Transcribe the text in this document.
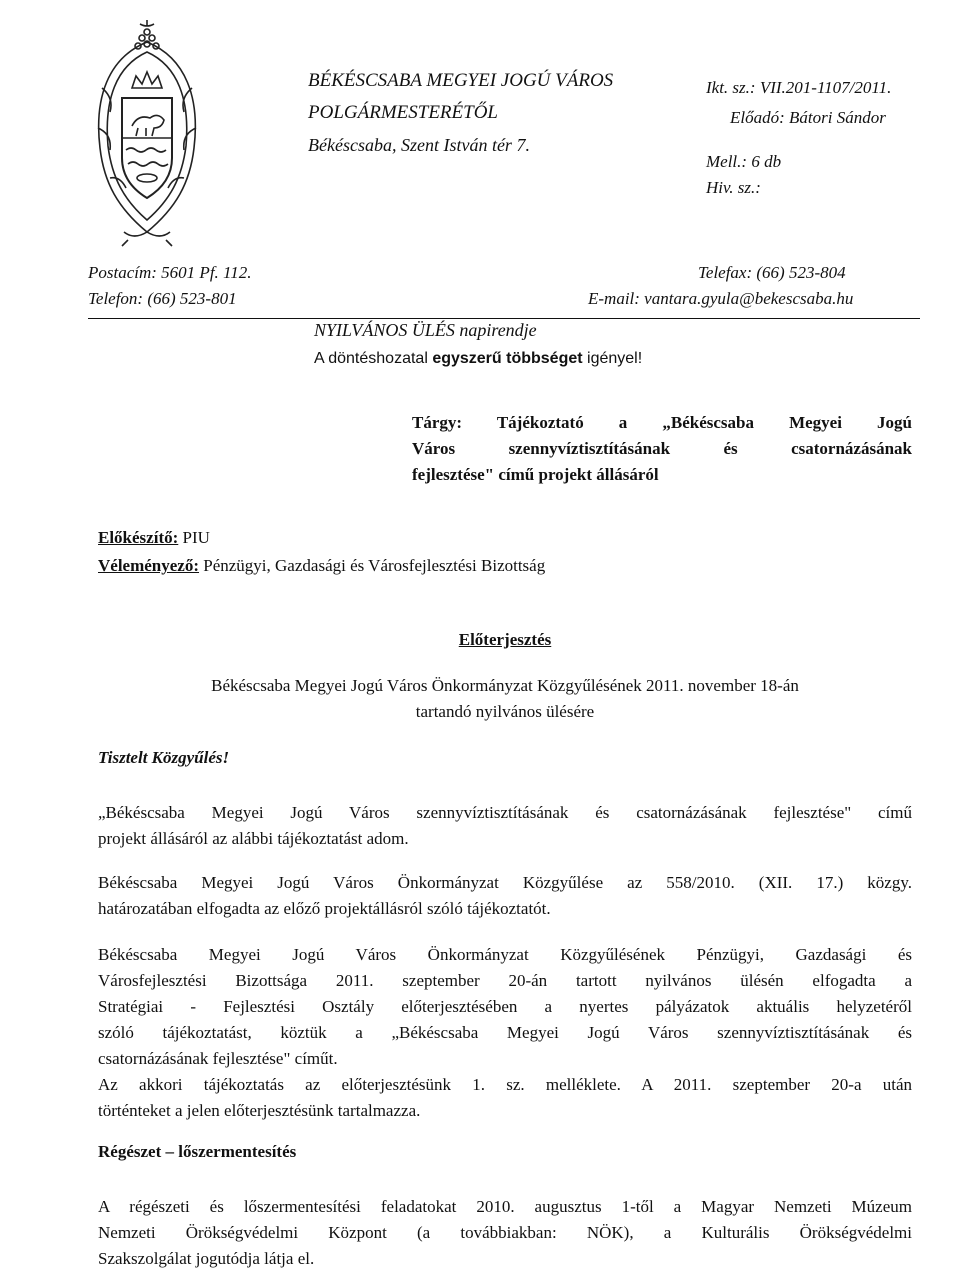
BÉKÉSCSABA MEGYEI JOGÚ VÁROS
POLGÁRMESTERÉTŐL
Békéscsaba, Szent István tér 7.
Ikt. sz.: VII.201-1107/2011.
Előadó: Bátori Sándor
Mell.: 6 db
Hiv. sz.:
Postacím: 5601 Pf. 112.
Telefon: (66) 523-801
Telefax: (66) 523-804
E-mail: vantara.gyula@bekescsaba.hu
NYILVÁNOS ÜLÉS napirendje
A döntéshozatal egyszerű többséget igényel!
Tárgy: Tájékoztató a „Békéscsaba Megyei Jogú
Város szennyvíztisztításának és csatornázásának
fejlesztése" című projekt állásáról
Előkészítő: PIU
Véleményező: Pénzügyi, Gazdasági és Városfejlesztési Bizottság
Előterjesztés
Békéscsaba Megyei Jogú Város Önkormányzat Közgyűlésének 2011. november 18-án
tartandó nyilvános ülésére
Tisztelt Közgyűlés!
„Békéscsaba Megyei Jogú Város szennyvíztisztításának és csatornázásának fejlesztése" című
projekt állásáról az alábbi tájékoztatást adom.
Békéscsaba Megyei Jogú Város Önkormányzat Közgyűlése az 558/2010. (XII. 17.) közgy.
határozatában elfogadta az előző projektállásról szóló tájékoztatót.
Békéscsaba Megyei Jogú Város Önkormányzat Közgyűlésének Pénzügyi, Gazdasági és
Városfejlesztési Bizottsága 2011. szeptember 20-án tartott nyilvános ülésén elfogadta a
Stratégiai - Fejlesztési Osztály előterjesztésében a nyertes pályázatok aktuális helyzetéről
szóló tájékoztatást, köztük a „Békéscsaba Megyei Jogú Város szennyvíztisztításának és
csatornázásának fejlesztése" címűt.
Az akkori tájékoztatás az előterjesztésünk 1. sz. melléklete. A 2011. szeptember 20-a után
történteket a jelen előterjesztésünk tartalmazza.
Régészet – lőszermentesítés
A régészeti és lőszermentesítési feladatokat 2010. augusztus 1-től a Magyar Nemzeti Múzeum
Nemzeti Örökségvédelmi Központ (a továbbiakban: NÖK), a Kulturális Örökségvédelmi
Szakszolgálat jogutódja látja el.
